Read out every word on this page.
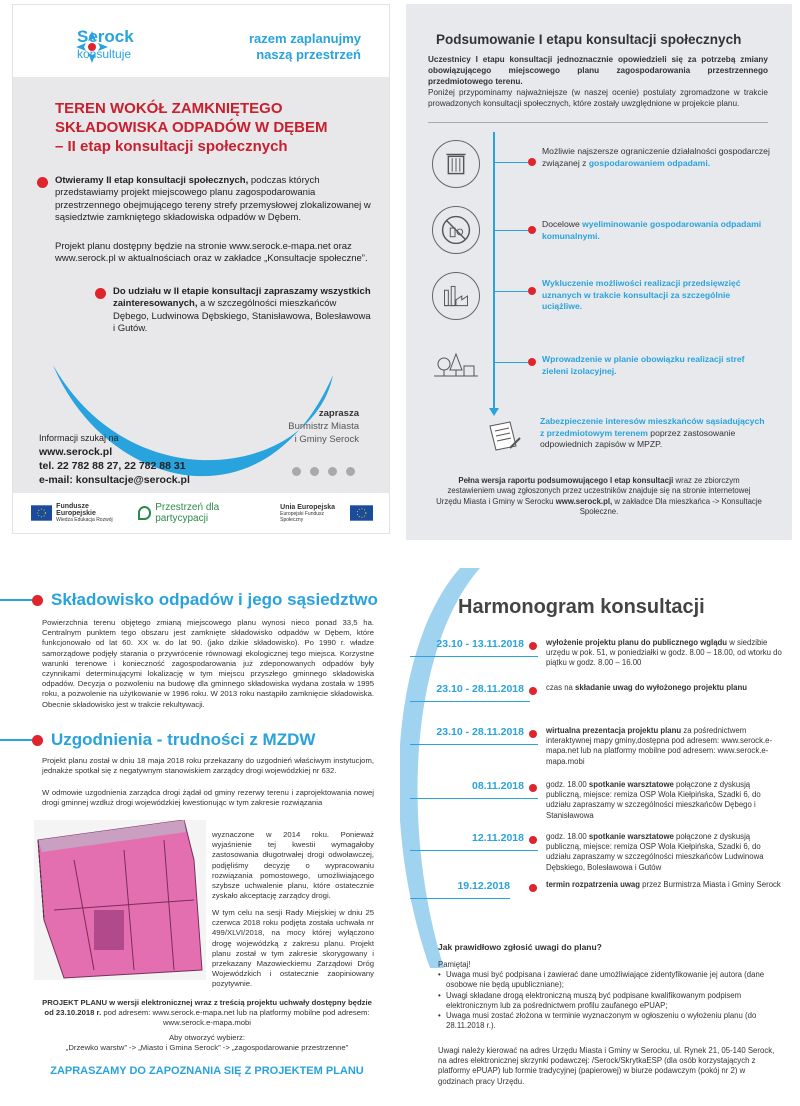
Serock
konsultuje
razem zaplanujmy
naszą przestrzeń
TEREN WOKÓŁ ZAMKNIĘTEGO
SKŁADOWISKA ODPADÓW W DĘBEM
– II etap konsultacji społecznych
Otwieramy II etap konsultacji społecznych, podczas których przedstawiamy projekt miejscowego planu zagospodarowania przestrzennego obejmującego tereny strefy przemysłowej zlokalizowanej w sąsiedztwie zamkniętego składowiska odpadów w Dębem.
Projekt planu dostępny będzie na stronie www.serock.e-mapa.net oraz www.serock.pl w aktualnościach oraz w zakładce „Konsultacje społeczne”.
Do udziału w II etapie konsultacji zapraszamy wszystkich zainteresowanych, a w szczególności mieszkańców Dębego, Ludwinowa Dębskiego, Stanisławowa, Bolesławowa i Gutów.
Informacji szukaj na
www.serock.pl
tel. 22 782 88 27, 22 782 88 31
e-mail: konsultacje@serock.pl
zaprasza
Burmistrz Miasta
i Gminy Serock
Fundusze Europejskie
Wiedza Edukacja Rozwój
Przestrzeń dla partycypacji
Unia Europejska
Europejski Fundusz Społeczny
Podsumowanie I etapu konsultacji społecznych
Uczestnicy I etapu konsultacji jednoznacznie opowiedzieli się za potrzebą zmiany obowiązującego miejscowego planu zagospodarowania przestrzennego przedmiotowego terenu.
Poniżej przypominamy najważniejsze (w naszej ocenie) postulaty zgromadzone w trakcie prowadzonych konsultacji społecznych, które zostały uwzględnione w projekcie planu.
Możliwie najszersze ograniczenie działalności gospodarczej związanej z gospodarowaniem odpadami.
Docelowe wyeliminowanie gospodarowania odpadami komunalnymi.
Wykluczenie możliwości realizacji przedsięwzięć uznanych w trakcie konsultacji za szczególnie uciążliwe.
Wprowadzenie w planie obowiązku realizacji stref zieleni izolacyjnej.
Zabezpieczenie interesów mieszkańców sąsiadujących z przedmiotowym terenem poprzez zastosowanie odpowiednich zapisów w MPZP.
Pełna wersja raportu podsumowującego I etap konsultacji wraz ze zbiorczym zestawieniem uwag zgłoszonych przez uczestników znajduje się na stronie internetowej Urzędu Miasta i Gminy w Serocku www.serock.pl, w zakładce Dla mieszkańca -> Konsultacje Społeczne.
Składowisko odpadów i jego sąsiedztwo
Powierzchnia terenu objętego zmianą miejscowego planu wynosi nieco ponad 33,5 ha. Centralnym punktem tego obszaru jest zamknięte składowisko odpadów w Dębem, które funkcjonowało od lat 60. XX w. do lat 90. (jako dzikie składowisko). Po 1990 r. władze samorządowe podjęły starania o przywrócenie równowagi ekologicznej tego miejsca. Korzystne warunki terenowe i konieczność zagospodarowania już zdeponowanych odpadów były czynnikami determinującymi lokalizację w tym miejscu przyszłego gminnego składowiska odpadów. Decyzja o pozwoleniu na budowę dla gminnego składowiska wydana została w 1995 roku, a pozwolenie na użytkowanie w 1996 roku. W 2013 roku nastąpiło zamknięcie składowiska. Obecnie składowisko jest w trakcie rekultywacji.
Uzgodnienia - trudności z MZDW
Projekt planu został w dniu 18 maja 2018 roku przekazany do uzgodnień właściwym instytucjom, jednakże spotkał się z negatywnym stanowiskiem zarządcy drogi wojewódzkiej nr 632.
W odmowie uzgodnienia zarządca drogi żądał od gminy rezerwy terenu i zaprojektowania nowej drogi gminnej wzdłuż drogi wojewódzkiej kwestionując w tym zakresie rozwiązania
wyznaczone w 2014 roku. Ponieważ wyjaśnienie tej kwestii wymagałoby zastosowania długotrwałej drogi odwoławczej, podjęliśmy decyzję o wypracowaniu rozwiązania pomostowego, umożliwiającego szybsze uchwalenie planu, które ostatecznie zyskało akceptację zarządcy drogi.
W tym celu na sesji Rady Miejskiej w dniu 25 czerwca 2018 roku podjęta została uchwała nr 499/XLVI/2018, na mocy której wyłączono drogę wojewódzką z zakresu planu. Projekt planu został w tym zakresie skorygowany i przekazany Mazowieckiemu Zarządowi Dróg Wojewódzkich i ostatecznie zaopiniowany pozytywnie.
PROJEKT PLANU w wersji elektronicznej wraz z treścią projektu uchwały dostępny będzie od 23.10.2018 r. pod adresem: www.serock.e-mapa.net lub na platformy mobilne pod adresem: www.serock.e-mapa.mobi
Aby otworzyć wybierz:
„Drzewko warstw” -> „Miasto i Gmina Serock” -> „zagospodarowanie przestrzenne”
ZAPRASZAMY DO ZAPOZNANIA SIĘ Z PROJEKTEM PLANU
Harmonogram konsultacji
23.10 - 13.11.2018	wyłożenie projektu planu do publicznego wglądu w siedzibie urzędu w pok. 51, w poniedziałki w godz. 8.00 – 18.00, od wtorku do piątku w godz. 8.00 – 16.00
23.10 - 28.11.2018	czas na składanie uwag do wyłożonego projektu planu
23.10 - 28.11.2018	wirtualna prezentacja projektu planu za pośrednictwem interaktywnej mapy gminy,dostępna pod adresem: www.serock.e-mapa.net lub na platformy mobilne pod adresem: www.serock.e-mapa.mobi
08.11.2018	godz. 18.00 spotkanie warsztatowe połączone z dyskusją publiczną, miejsce: remiza OSP Wola Kiełpińska, Szadki 6, do udziału zapraszamy w szczególności mieszkańców Dębego i Stanisławowa
12.11.2018	godz. 18.00 spotkanie warsztatowe połączone z dyskusją publiczną, miejsce: remiza OSP Wola Kiełpińska, Szadki 6, do udziału zapraszamy w szczególności mieszkańców Ludwinowa Dębskiego, Bolesławowa i Gutów
19.12.2018	termin rozpatrzenia uwag przez Burmistrza Miasta i Gminy Serock
Jak prawidłowo zgłosić uwagi do planu?
Pamiętaj!
• Uwaga musi być podpisana i zawierać dane umożliwiające zidentyfikowanie jej autora (dane osobowe nie będą upubliczniane);
• Uwagi składane drogą elektroniczną muszą być podpisane kwalifikowanym podpisem elektronicznym lub za pośrednictwem profilu zaufanego ePUAP;
• Uwaga musi zostać złożona w terminie wyznaczonym w ogłoszeniu o wyłożeniu planu (do 28.11.2018 r.).
Uwagi należy kierować na adres Urzędu Miasta i Gminy w Serocku, ul. Rynek 21, 05-140 Serock, na adres elektronicznej skrzynki podawczej: /Serock/SkrytkaESP (dla osób korzystających z platformy ePUAP) lub formie tradycyjnej (papierowej) w biurze podawczym (pokój nr 2) w godzinach pracy Urzędu.
